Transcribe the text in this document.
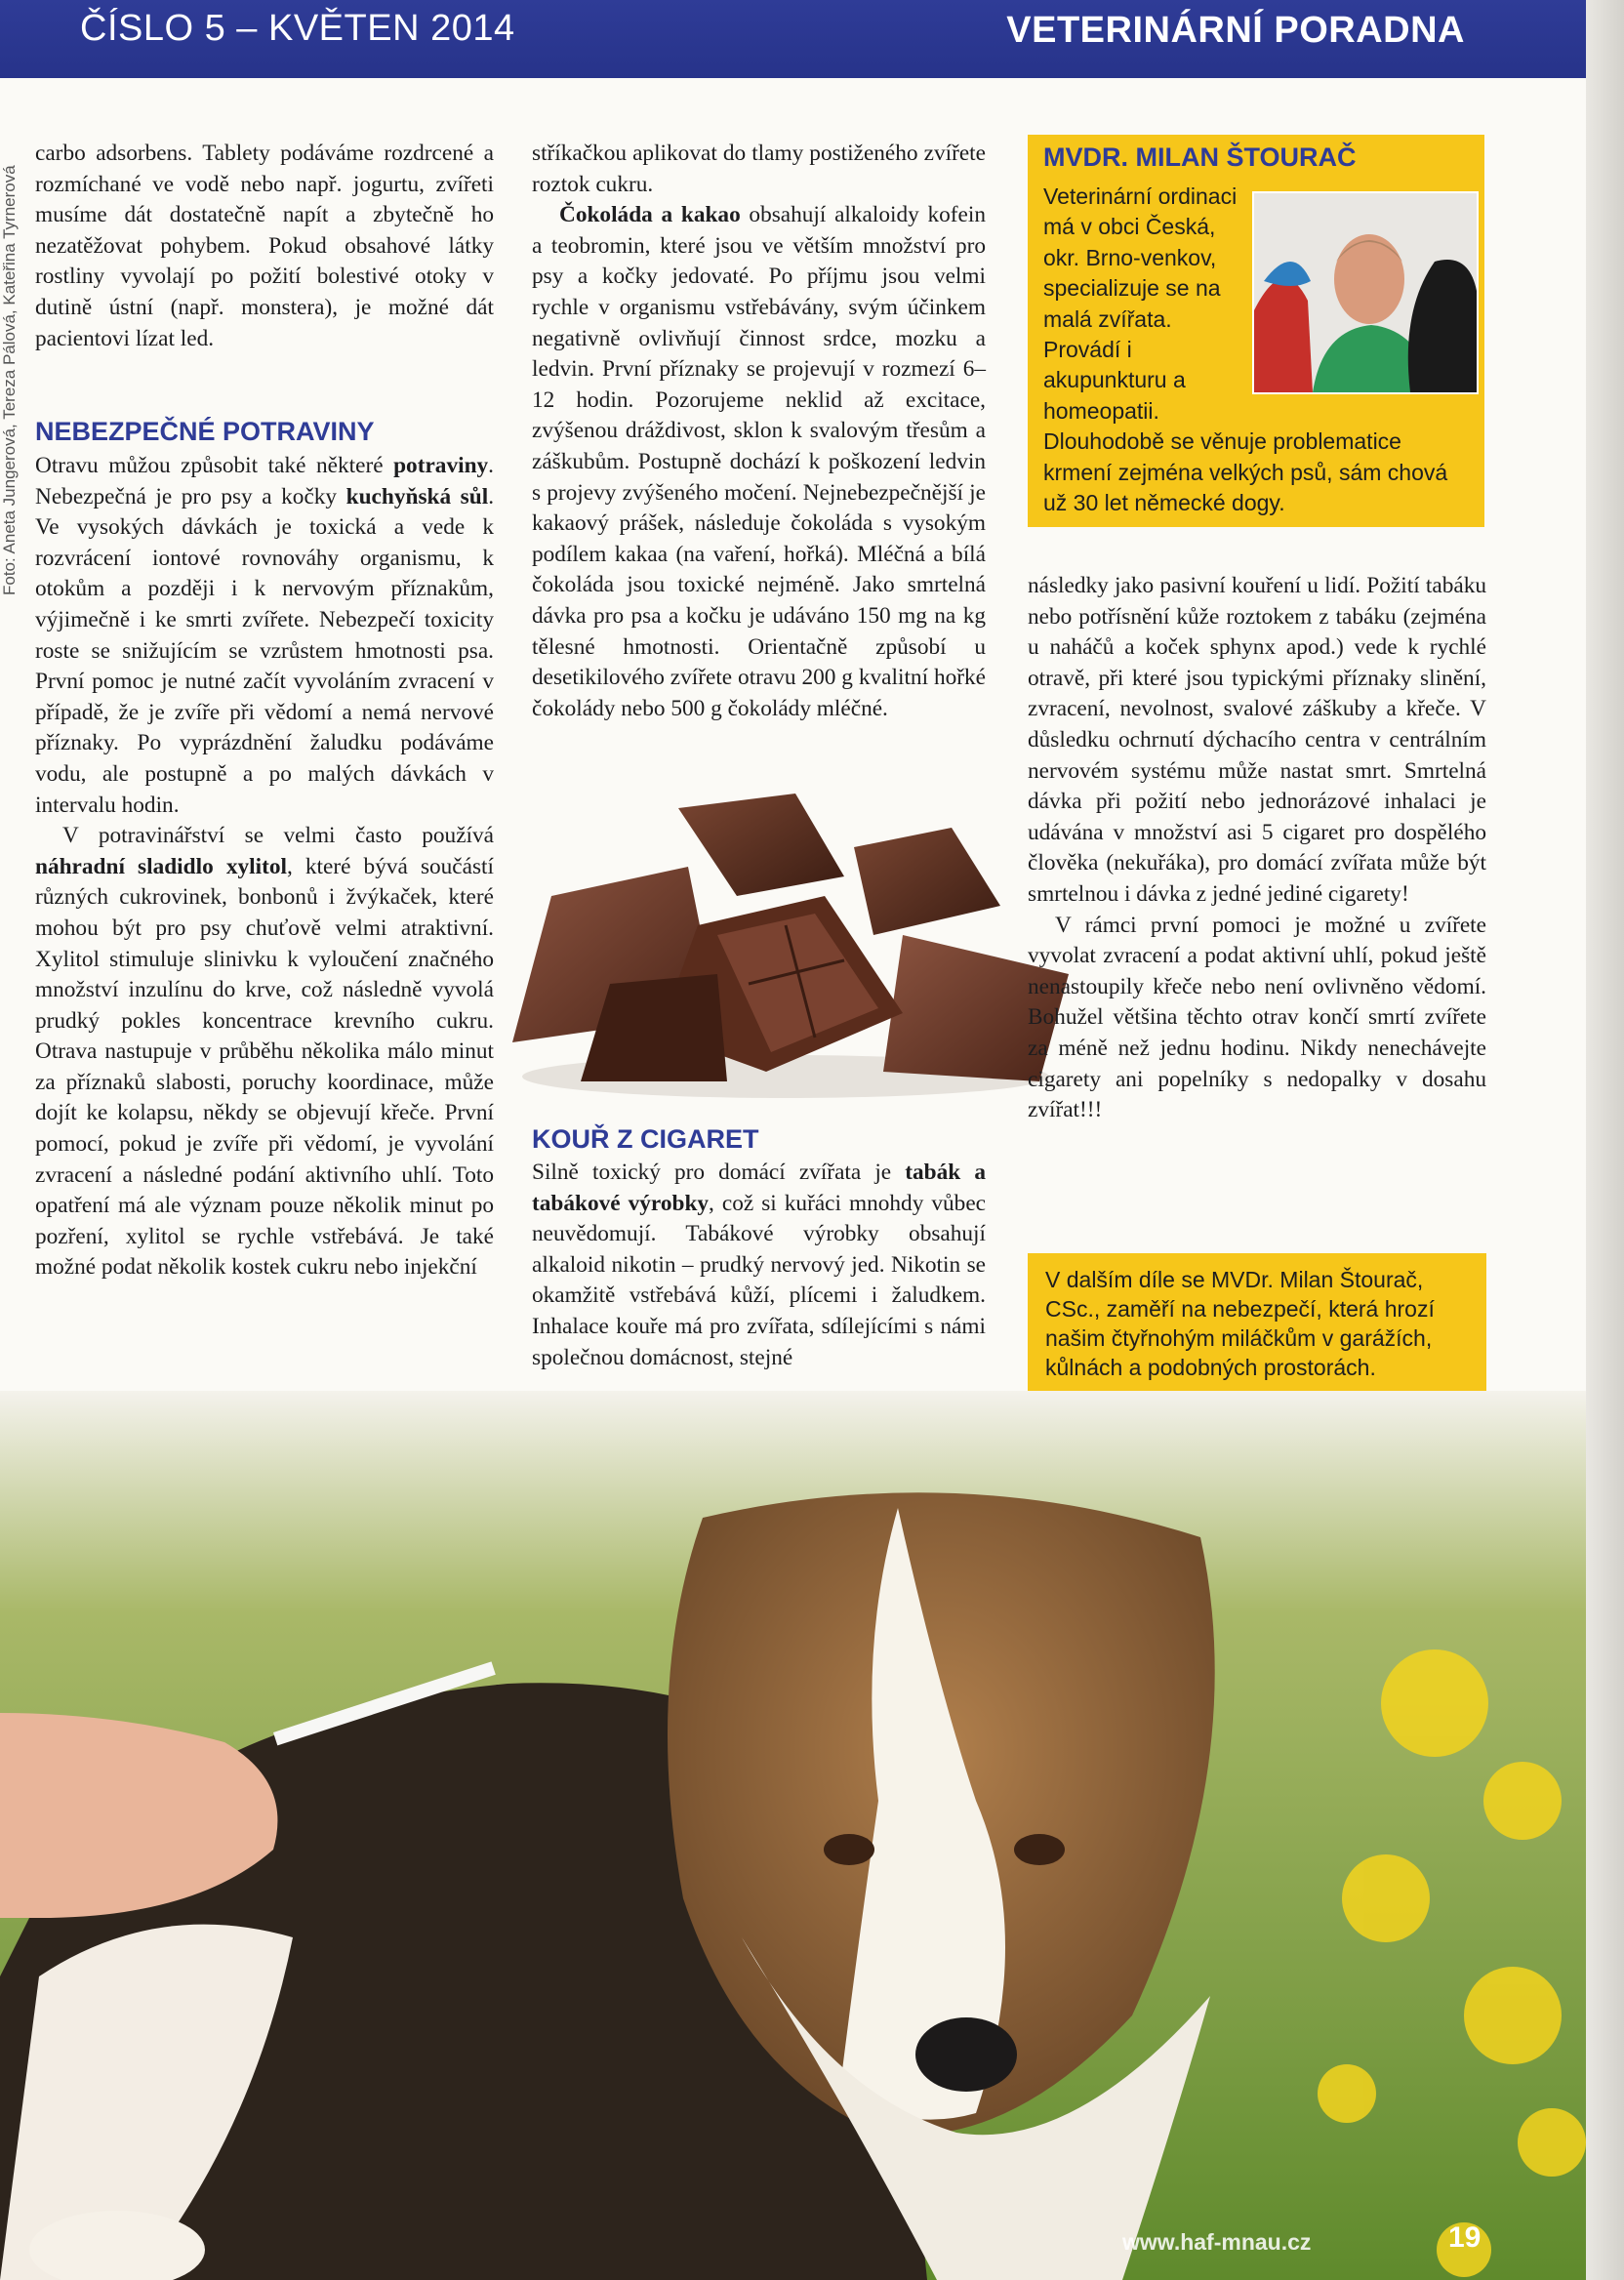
ČÍSLO 5 – KVĚTEN 2014	VETERINÁRNÍ PORADNA
Foto: Aneta Jungerová, Tereza Pálová, Kateřina Tyrnerová

carbo adsorbens. Tablety podáváme rozdrcené a rozmíchané ve vodě nebo např. jogurtu, zvířeti musíme dát dostatečně napít a zbytečně ho nezatěžovat pohybem. Pokud obsahové látky rostliny vyvolají po požití bolestivé otoky v dutině ústní (např. monstera), je možné dát pacientovi lízat led.

NEBEZPEČNÉ POTRAVINY

Otravu můžou způsobit také některé potraviny. Nebezpečná je pro psy a kočky kuchyňská sůl. Ve vysokých dávkách je toxická a vede k rozvrácení iontové rovnováhy organismu, k otokům a později i k nervovým příznakům, výjimečně i ke smrti zvířete. Nebezpečí toxicity roste se snižujícím se vzrůstem hmotnosti psa. První pomoc je nutné začít vyvoláním zvracení v případě, že je zvíře při vědomí a nemá nervové příznaky. Po vyprázdnění žaludku podáváme vodu, ale postupně a po malých dávkách v intervalu hodin.

V potravinářství se velmi často používá náhradní sladidlo xylitol, které bývá součástí různých cukrovinek, bonbonů i žvýkaček, které mohou být pro psy chuťově velmi atraktivní. Xylitol stimuluje slinivku k vyloučení značného množství inzulínu do krve, což následně vyvolá prudký pokles koncentrace krevního cukru. Otrava nastupuje v průběhu několika málo minut za příznaků slabosti, poruchy koordinace, může dojít ke kolapsu, někdy se objevují křeče. První pomocí, pokud je zvíře při vědomí, je vyvolání zvracení a následné podání aktivního uhlí. Toto opatření má ale význam pouze několik minut po pozření, xylitol se rychle vstřebává. Je také možné podat několik kostek cukru nebo injekční

stříkačkou aplikovat do tlamy postiženého zvířete roztok cukru.

Čokoláda a kakao obsahují alkaloidy kofein a teobromin, které jsou ve větším množství pro psy a kočky jedovaté. Po příjmu jsou velmi rychle v organismu vstřebávány, svým účinkem negativně ovlivňují činnost srdce, mozku a ledvin. První příznaky se projevují v rozmezí 6–12 hodin. Pozorujeme neklid až excitace, zvýšenou dráždivost, sklon k svalovým třesům a záškubům. Postupně dochází k poškození ledvin s projevy zvýšeného močení. Nejnebezpečnější je kakaový prášek, následuje čokoláda s vysokým podílem kakaa (na vaření, hořká). Mléčná a bílá čokoláda jsou toxické nejméně. Jako smrtelná dávka pro psa a kočku je udáváno 150 mg na kg tělesné hmotnosti. Orientačně způsobí u desetikilového zvířete otravu 200 g kvalitní hořké čokolády nebo 500 g čokolády mléčné.

KOUŘ Z CIGARET

Silně toxický pro domácí zvířata je tabák a tabákové výrobky, což si kuřáci mnohdy vůbec neuvědomují. Tabákové výrobky obsahují alkaloid nikotin – prudký nervový jed. Nikotin se okamžitě vstřebává kůží, plícemi i žaludkem. Inhalace kouře má pro zvířata, sdílejícími s námi společnou domácnost, stejné

MVDR. MILAN ŠTOURAČ
Veterinární ordinaci má v obci Česká, okr. Brno-venkov, specializuje se na malá zvířata. Provádí i akupunkturu a homeopatii.
Dlouhodobě se věnuje problematice krmení zejména velkých psů, sám chová už 30 let německé dogy.

následky jako pasivní kouření u lidí. Požití tabáku nebo potřísnění kůže roztokem z tabáku (zejména u naháčů a koček sphynx apod.) vede k rychlé otravě, při které jsou typickými příznaky slinění, zvracení, nevolnost, svalové záškuby a křeče. V důsledku ochrnutí dýchacího centra v centrálním nervovém systému může nastat smrt. Smrtelná dávka při požití nebo jednorázové inhalaci je udávána v množství asi 5 cigaret pro dospělého člověka (nekuřáka), pro domácí zvířata může být smrtelnou i dávka z jedné jediné cigarety!

V rámci první pomoci je možné u zvířete vyvolat zvracení a podat aktivní uhlí, pokud ještě nenastoupily křeče nebo není ovlivněno vědomí. Bohužel většina těchto otrav končí smrtí zvířete za méně než jednu hodinu. Nikdy nenechávejte cigarety ani popelníky s nedopalky v dosahu zvířat!!!

V dalším díle se MVDr. Milan Štourač, CSc., zaměří na nebezpečí, která hrozí našim čtyřnohým miláčkům v garážích, kůlnách a podobných prostorách.
www.haf-mnau.cz	19
